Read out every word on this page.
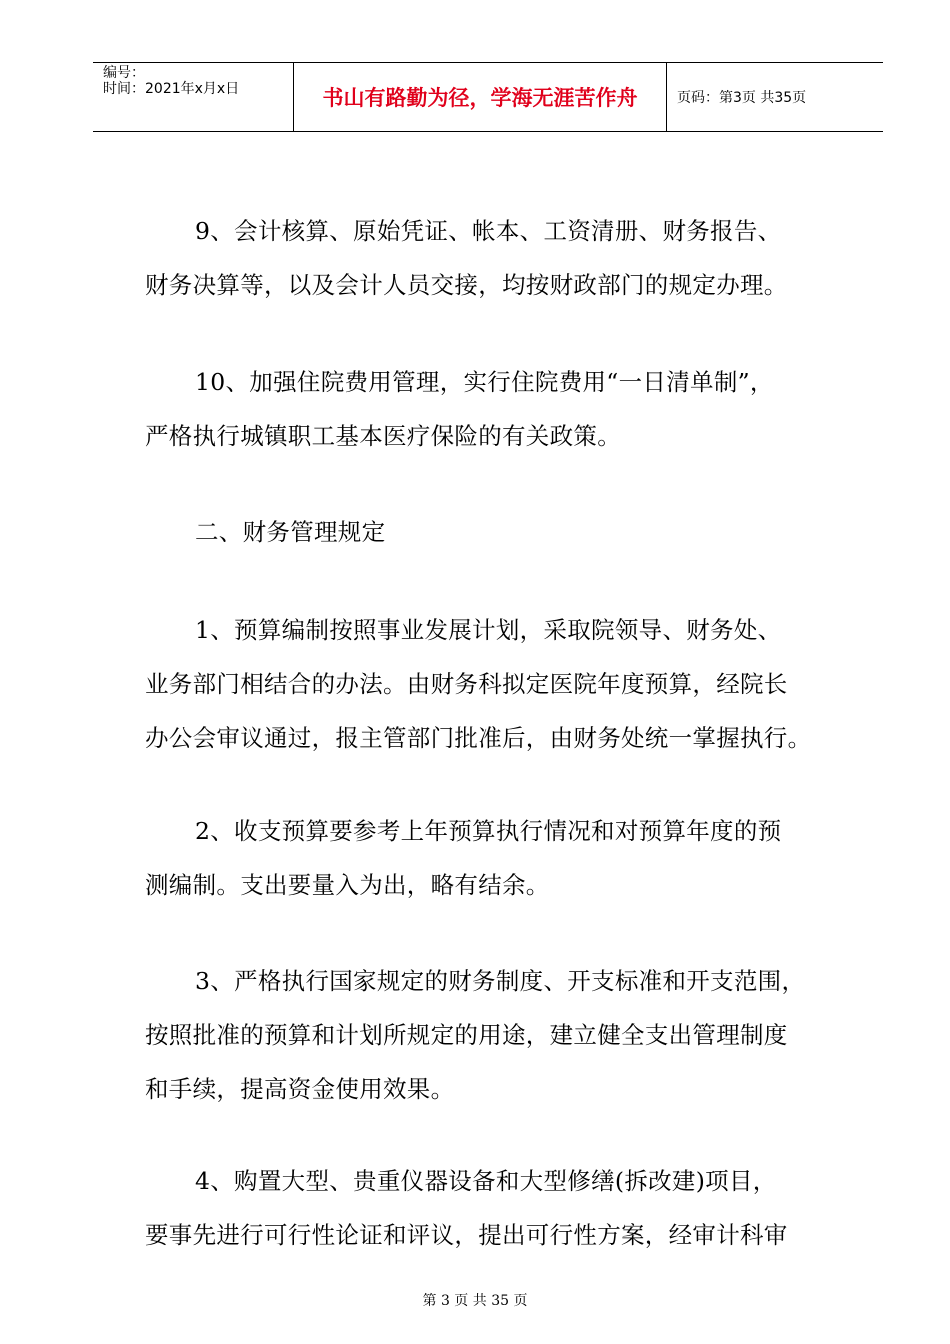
编号：
时间：2021年x月x日	书山有路勤为径，学海无涯苦作舟	页码：第3页 共35页

9、会计核算、原始凭证、帐本、工资清册、财务报告、

财务决算等，以及会计人员交接，均按财政部门的规定办理。

10、加强住院费用管理，实行住院费用“一日清单制”，

严格执行城镇职工基本医疗保险的有关政策。

二、财务管理规定

1、预算编制按照事业发展计划，采取院领导、财务处、

业务部门相结合的办法。由财务科拟定医院年度预算，经院长

办公会审议通过，报主管部门批准后，由财务处统一掌握执行。

2、收支预算要参考上年预算执行情况和对预算年度的预

测编制。支出要量入为出，略有结余。

3、严格执行国家规定的财务制度、开支标准和开支范围，

按照批准的预算和计划所规定的用途，建立健全支出管理制度

和手续，提高资金使用效果。

4、购置大型、贵重仪器设备和大型修缮(拆改建)项目，

要事先进行可行性论证和评议，提出可行性方案，经审计科审

第 3 页 共 35 页
